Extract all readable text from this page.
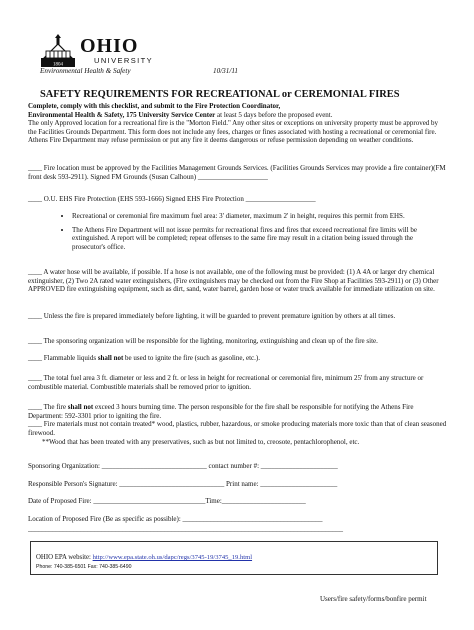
1804
OHIO
UNIVERSITY
Environmental Health & Safety	10/31/11
SAFETY REQUIREMENTS FOR RECREATIONAL or CEREMONIAL FIRES
Complete, comply with this checklist, and submit to the Fire Protection Coordinator,
Environmental Health & Safety, 175 University Service Center at least 5 days before the proposed event.
The only Approved location for a recreational fire is the "Morton Field." Any other sites or exceptions on university property must be approved by the Facilities Grounds Department. This form does not include any fees, charges or fines associated with hosting a recreational or ceremonial fire. Athens Fire Department may refuse permission or put any fire it deems dangerous or refuse permission depending on weather conditions.
____ Fire location must be approved by the Facilities Management Grounds Services. (Facilities Grounds Services may provide a fire container)(FM front desk 593-2911). Signed FM Grounds (Susan Calhoun) ____________________
____ O.U. EHS Fire Protection (EHS 593-1666) Signed EHS Fire Protection ____________________
• Recreational or ceremonial fire maximum fuel area: 3' diameter, maximum 2' in height, requires this permit from EHS.
• The Athens Fire Department will not issue permits for recreational fires and fires that exceed recreational fire limits will be extinguished. A report will be completed; repeat offenses to the same fire may result in a citation being issued through the prosecutor's office.
____ A water hose will be available, if possible. If a hose is not available, one of the following must be provided: (1) A 4A or larger dry chemical extinguisher, (2) Two 2A rated water extinguishers, (Fire extinguishers may be checked out from the Fire Shop at Facilities 593-2911) or (3) Other APPROVED fire extinguishing equipment, such as dirt, sand, water barrel, garden hose or water truck available for immediate utilization on site.
____ Unless the fire is prepared immediately before lighting, it will be guarded to prevent premature ignition by others at all times.
____ The sponsoring organization will be responsible for the lighting, monitoring, extinguishing and clean up of the fire site.
____ Flammable liquids shall not be used to ignite the fire (such as gasoline, etc.).
____ The total fuel area 3 ft. diameter or less and 2 ft. or less in height for recreational or ceremonial fire, minimum 25' from any structure or combustible material. Combustible materials shall be removed prior to ignition.
____ The fire shall not exceed 3 hours burning time. The person responsible for the fire shall be responsible for notifying the Athens Fire Department: 592-3301 prior to igniting the fire.
____ Fire materials must not contain treated* wood, plastics, rubber, hazardous, or smoke producing materials more toxic than that of clean seasoned firewood.
**Wood that has been treated with any preservatives, such as but not limited to, creosote, pentachlorophenol, etc.
Sponsoring Organization: ______________________________ contact number #: ______________________
Responsible Person's Signature: ______________________________ Print name: ______________________
Date of Proposed Fire: ________________________________Time:________________________
Location of Proposed Fire (Be as specific as possible): ________________________________________
__________________________________________________________________________________________
OHIO EPA website: http://www.epa.state.oh.us/dapc/regs/3745-19/3745_19.html
Phone: 740-385-6501 Fax: 740-385-6490
Users/fire safety/forms/bonfire permit
